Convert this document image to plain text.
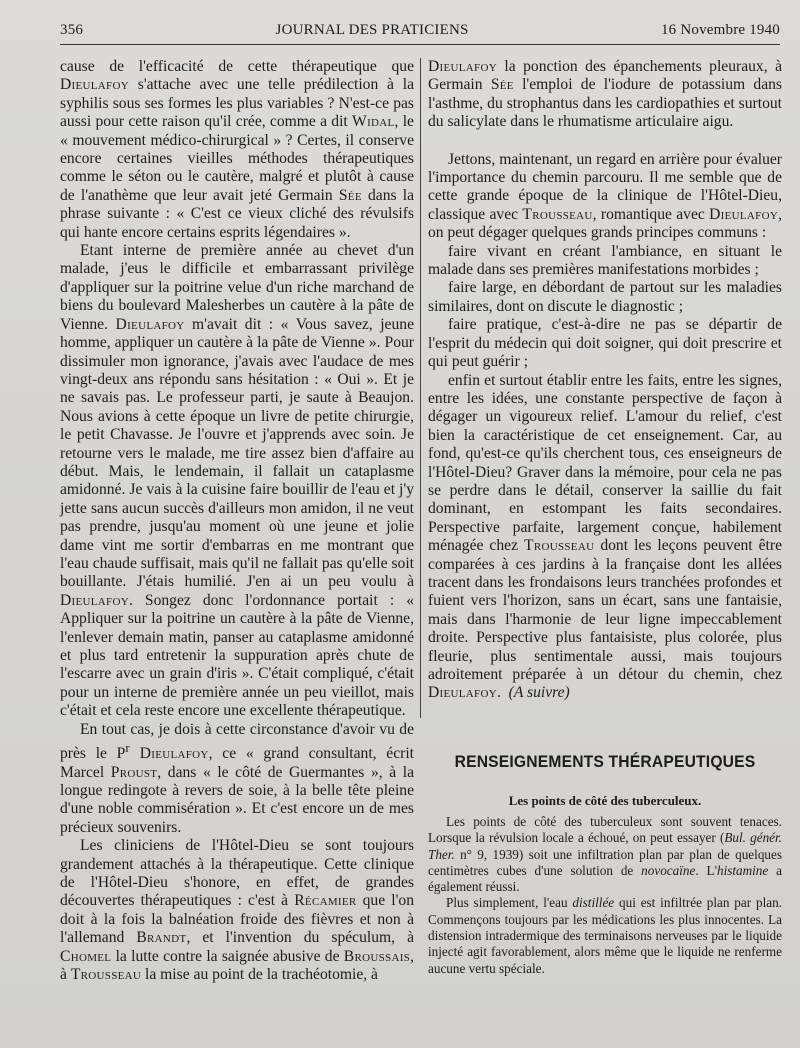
356	JOURNAL DES PRATICIENS	16 Novembre 1940

cause de l'efficacité de cette thérapeutique que Dieulafoy s'attache avec une telle prédilection à la syphilis sous ses formes les plus variables ? N'est-ce pas aussi pour cette raison qu'il crée, comme a dit Widal, le « mouvement médico-chirurgical » ? Certes, il conserve encore certaines vieilles méthodes thérapeutiques comme le séton ou le cautère, malgré et plutôt à cause de l'anathème que leur avait jeté Germain Sée dans la phrase suivante : « C'est ce vieux cliché des révulsifs qui hante encore certains esprits légendaires ».

Etant interne de première année au chevet d'un malade, j'eus le difficile et embarrassant privilège d'appliquer sur la poitrine velue d'un riche marchand de biens du boulevard Malesherbes un cautère à la pâte de Vienne. Dieulafoy m'avait dit : « Vous savez, jeune homme, appliquer un cautère à la pâte de Vienne ». Pour dissimuler mon ignorance, j'avais avec l'audace de mes vingt-deux ans répondu sans hésitation : « Oui ». Et je ne savais pas. Le professeur parti, je saute à Beaujon. Nous avions à cette époque un livre de petite chirurgie, le petit Chavasse. Je l'ouvre et j'apprends avec soin. Je retourne vers le malade, me tire assez bien d'affaire au début. Mais, le lendemain, il fallait un cataplasme amidonné. Je vais à la cuisine faire bouillir de l'eau et j'y jette sans aucun succès d'ailleurs mon amidon, il ne veut pas prendre, jusqu'au moment où une jeune et jolie dame vint me sortir d'embarras en me montrant que l'eau chaude suffisait, mais qu'il ne fallait pas qu'elle soit bouillante. J'étais humilié. J'en ai un peu voulu à Dieulafoy. Songez donc l'ordonnance portait : « Appliquer sur la poitrine un cautère à la pâte de Vienne, l'enlever demain matin, panser au cataplasme amidonné et plus tard entretenir la suppuration après chute de l'escarre avec un grain d'iris ». C'était compliqué, c'était pour un interne de première année un peu vieillot, mais c'était et cela reste encore une excellente thérapeutique.

En tout cas, je dois à cette circonstance d'avoir vu de près le $P^r$ Dieulafoy, ce « grand consultant, écrit Marcel Proust, dans « le côté de Guermantes », à la longue redingote à revers de soie, à la belle tête pleine d'une noble commisération ». Et c'est encore un de mes précieux souvenirs.

Les cliniciens de l'Hôtel-Dieu se sont toujours grandement attachés à la thérapeutique. Cette clinique de l'Hôtel-Dieu s'honore, en effet, de grandes découvertes thérapeutiques : c'est à Récamier que l'on doit à la fois la balnéation froide des fièvres et non à l'allemand Brandt, et l'invention du spéculum, à Chomel la lutte contre la saignée abusive de Broussais, à Trousseau la mise au point de la trachéotomie, à

Dieulafoy la ponction des épanchements pleuraux, à Germain Sée l'emploi de l'iodure de potassium dans l'asthme, du strophantus dans les cardiopathies et surtout du salicylate dans le rhumatisme articulaire aigu.

Jettons, maintenant, un regard en arrière pour évaluer l'importance du chemin parcouru. Il me semble que de cette grande époque de la clinique de l'Hôtel-Dieu, classique avec Trousseau, romantique avec Dieulafoy, on peut dégager quelques grands principes communs :

faire vivant en créant l'ambiance, en situant le malade dans ses premières manifestations morbides ;

faire large, en débordant de partout sur les maladies similaires, dont on discute le diagnostic ;

faire pratique, c'est-à-dire ne pas se départir de l'esprit du médecin qui doit soigner, qui doit prescrire et qui peut guérir ;

enfin et surtout établir entre les faits, entre les signes, entre les idées, une constante perspective de façon à dégager un vigoureux relief. L'amour du relief, c'est bien la caractéristique de cet enseignement. Car, au fond, qu'est-ce qu'ils cherchent tous, ces enseigneurs de l'Hôtel-Dieu? Graver dans la mémoire, pour cela ne pas se perdre dans le détail, conserver la saillie du fait dominant, en estompant les faits secondaires. Perspective parfaite, largement conçue, habilement ménagée chez Trousseau dont les leçons peuvent être comparées à ces jardins à la française dont les allées tracent dans les frondaisons leurs tranchées profondes et fuient vers l'horizon, sans un écart, sans une fantaisie, mais dans l'harmonie de leur ligne impeccablement droite. Perspective plus fantaisiste, plus colorée, plus fleurie, plus sentimentale aussi, mais toujours adroitement préparée à un détour du chemin, chez Dieulafoy. (A suivre)

RENSEIGNEMENTS THÉRAPEUTIQUES
Les points de côté des tuberculeux.

Les points de côté des tuberculeux sont souvent tenaces. Lorsque la révulsion locale a échoué, on peut essayer (Bul. génér. Ther. n° 9, 1939) soit une infiltration plan par plan de quelques centimètres cubes d'une solution de novocaïne. L'histamine a également réussi.

Plus simplement, l'eau distillée qui est infiltrée plan par plan. Commençons toujours par les médications les plus innocentes. La distension intradermique des terminaisons nerveuses par le liquide injecté agit favorablement, alors même que le liquide ne renferme aucune vertu spéciale.
